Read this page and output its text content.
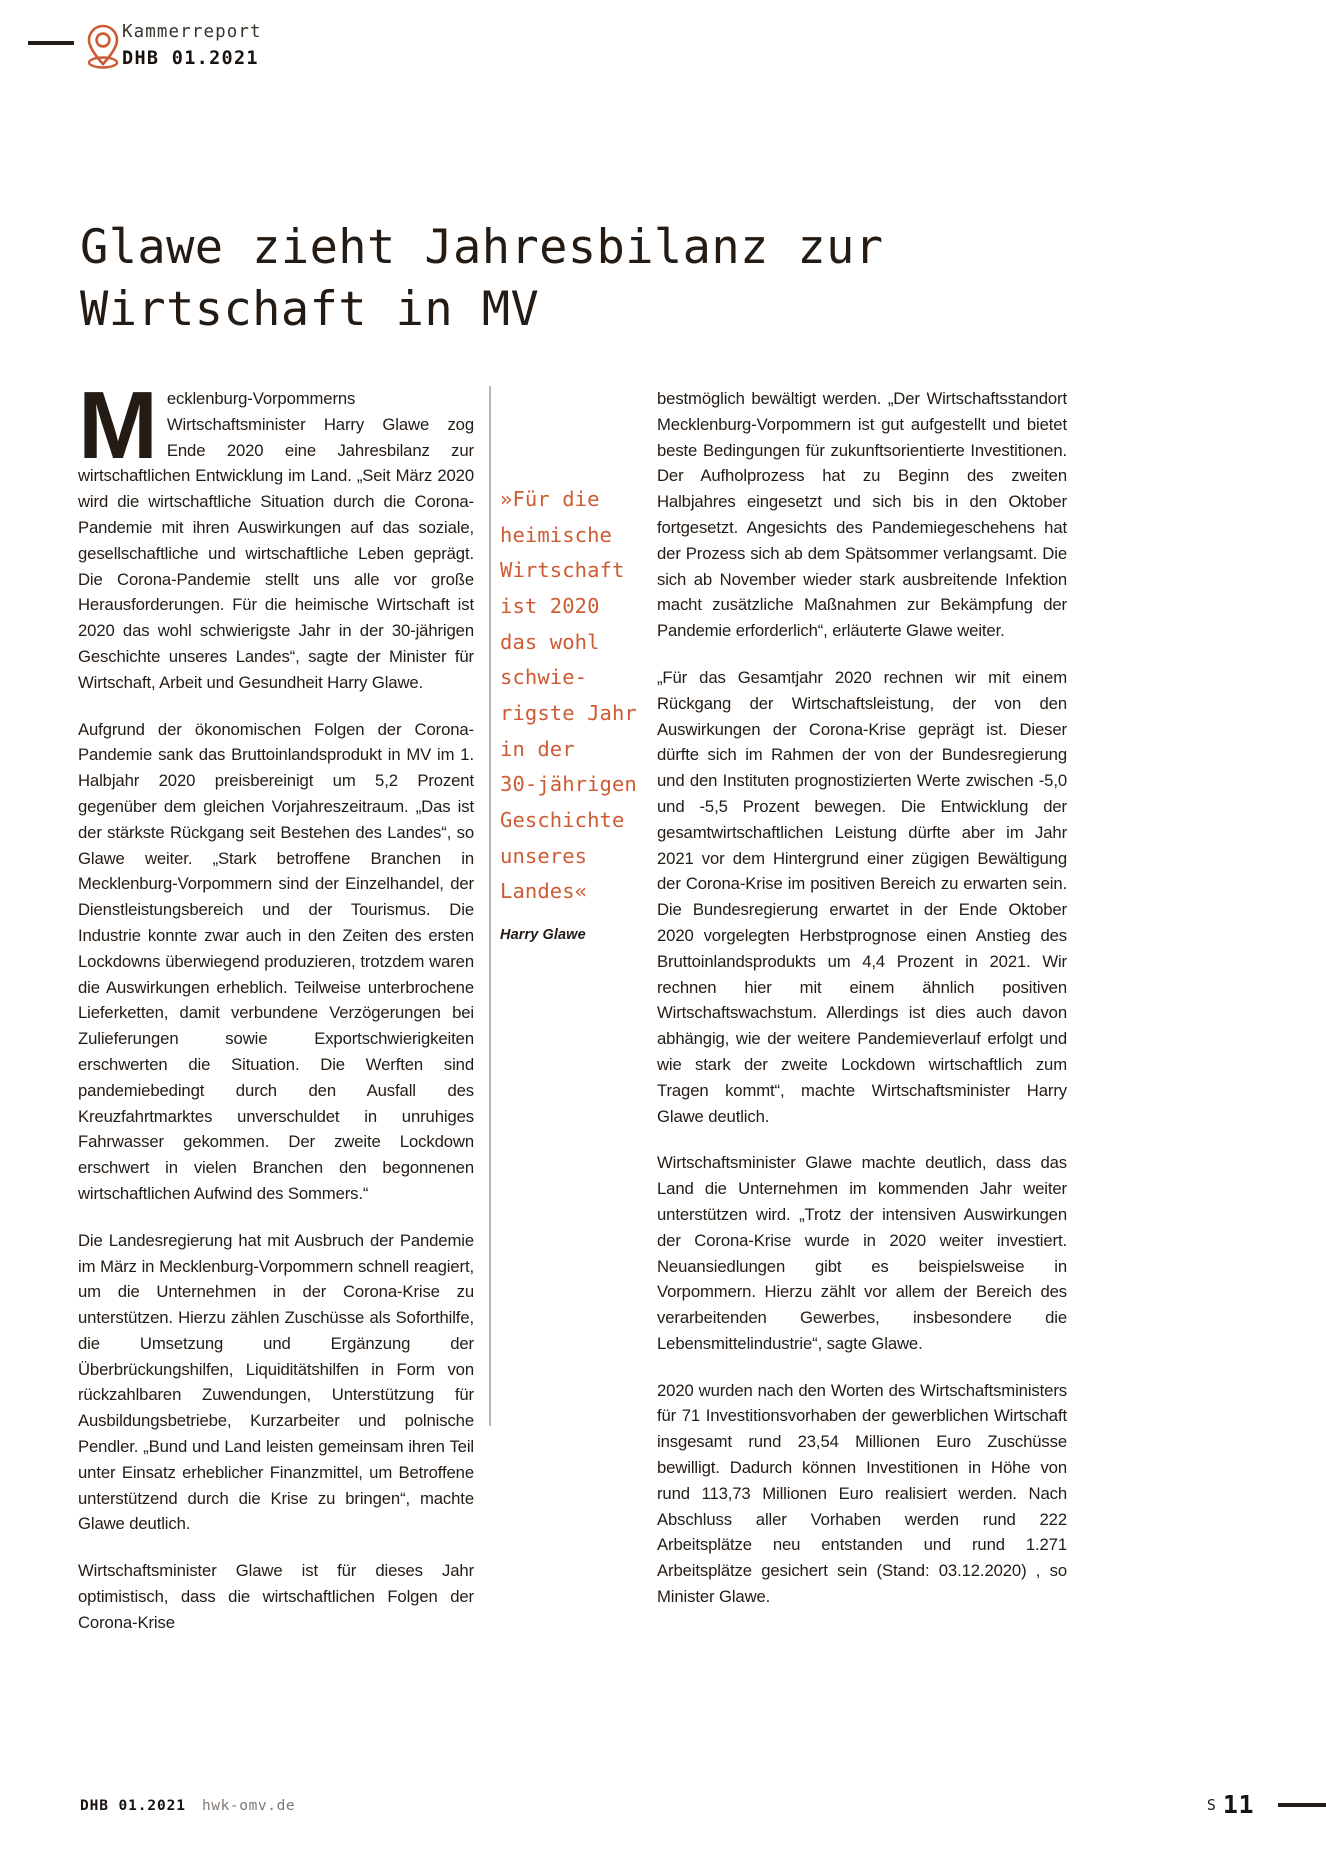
Kammerreport
DHB 01.2021
Glawe zieht Jahresbilanz zur
Wirtschaft in MV

Mecklenburg-Vorpommerns Wirtschaftsminister Harry Glawe zog Ende 2020 eine Jahresbilanz zur wirtschaftlichen Entwicklung im Land. „Seit März 2020 wird die wirtschaftliche Situation durch die Corona-Pandemie mit ihren Auswirkungen auf das soziale, gesellschaftliche und wirtschaftliche Leben geprägt. Die Corona-Pandemie stellt uns alle vor große Herausforderungen. Für die heimische Wirtschaft ist 2020 das wohl schwierigste Jahr in der 30-jährigen Geschichte unseres Landes“, sagte der Minister für Wirtschaft, Arbeit und Gesundheit Harry Glawe.

Aufgrund der ökonomischen Folgen der Corona-Pandemie sank das Bruttoinlandsprodukt in MV im 1. Halbjahr 2020 preisbereinigt um 5,2 Prozent gegenüber dem gleichen Vorjahreszeitraum. „Das ist der stärkste Rückgang seit Bestehen des Landes“, so Glawe weiter. „Stark betroffene Branchen in Mecklenburg-Vorpommern sind der Einzelhandel, der Dienstleistungsbereich und der Tourismus. Die Industrie konnte zwar auch in den Zeiten des ersten Lockdowns überwiegend produzieren, trotzdem waren die Auswirkungen erheblich. Teilweise unterbrochene Lieferketten, damit verbundene Verzögerungen bei Zulieferungen sowie Exportschwierigkeiten erschwerten die Situation. Die Werften sind pandemiebedingt durch den Ausfall des Kreuzfahrtmarktes unverschuldet in unruhiges Fahrwasser gekommen. Der zweite Lockdown erschwert in vielen Branchen den begonnenen wirtschaftlichen Aufwind des Sommers.“

Die Landesregierung hat mit Ausbruch der Pandemie im März in Mecklenburg-Vorpommern schnell reagiert, um die Unternehmen in der Corona-Krise zu unterstützen. Hierzu zählen Zuschüsse als Soforthilfe, die Umsetzung und Ergänzung der Überbrückungshilfen, Liquiditätshilfen in Form von rückzahlbaren Zuwendungen, Unterstützung für Ausbildungsbetriebe, Kurzarbeiter und polnische Pendler. „Bund und Land leisten gemeinsam ihren Teil unter Einsatz erheblicher Finanzmittel, um Betroffene unterstützend durch die Krise zu bringen“, machte Glawe deutlich.

Wirtschaftsminister Glawe ist für dieses Jahr optimistisch, dass die wirtschaftlichen Folgen der Corona-Krise

bestmöglich bewältigt werden. „Der Wirtschaftsstandort Mecklenburg-Vorpommern ist gut aufgestellt und bietet beste Bedingungen für zukunftsorientierte Investitionen. Der Aufholprozess hat zu Beginn des zweiten Halbjahres eingesetzt und sich bis in den Oktober fortgesetzt. Angesichts des Pandemiegeschehens hat der Prozess sich ab dem Spätsommer verlangsamt. Die sich ab November wieder stark ausbreitende Infektion macht zusätzliche Maßnahmen zur Bekämpfung der Pandemie erforderlich“, erläuterte Glawe weiter.

„Für das Gesamtjahr 2020 rechnen wir mit einem Rückgang der Wirtschaftsleistung, der von den Auswirkungen der Corona-Krise geprägt ist. Dieser dürfte sich im Rahmen der von der Bundesregierung und den Instituten prognostizierten Werte zwischen -5,0 und -5,5 Prozent bewegen. Die Entwicklung der gesamtwirtschaftlichen Leistung dürfte aber im Jahr 2021 vor dem Hintergrund einer zügigen Bewältigung der Corona-Krise im positiven Bereich zu erwarten sein. Die Bundesregierung erwartet in der Ende Oktober 2020 vorgelegten Herbstprognose einen Anstieg des Bruttoinlandsprodukts um 4,4 Prozent in 2021. Wir rechnen hier mit einem ähnlich positiven Wirtschaftswachstum. Allerdings ist dies auch davon abhängig, wie der weitere Pandemieverlauf erfolgt und wie stark der zweite Lockdown wirtschaftlich zum Tragen kommt“, machte Wirtschaftsminister Harry Glawe deutlich.

Wirtschaftsminister Glawe machte deutlich, dass das Land die Unternehmen im kommenden Jahr weiter unterstützen wird. „Trotz der intensiven Auswirkungen der Corona-Krise wurde in 2020 weiter investiert. Neuansiedlungen gibt es beispielsweise in Vorpommern. Hierzu zählt vor allem der Bereich des verarbeitenden Gewerbes, insbesondere die Lebensmittelindustrie“, sagte Glawe.

2020 wurden nach den Worten des Wirtschaftsministers für 71 Investitionsvorhaben der gewerblichen Wirtschaft insgesamt rund 23,54 Millionen Euro Zuschüsse bewilligt. Dadurch können Investitionen in Höhe von rund 113,73 Millionen Euro realisiert werden. Nach Abschluss aller Vorhaben werden rund 222 Arbeitsplätze neu entstanden und rund 1.271 Arbeitsplätze gesichert sein (Stand: 03.12.2020) , so Minister Glawe.

»Für die
heimische
Wirtschaft
ist 2020
das wohl
schwie-
rigste Jahr
in der
30-jährigen
Geschichte
unseres
Landes«
Harry Glawe
DHB 01.2021 hwk-omv.de	S 11
